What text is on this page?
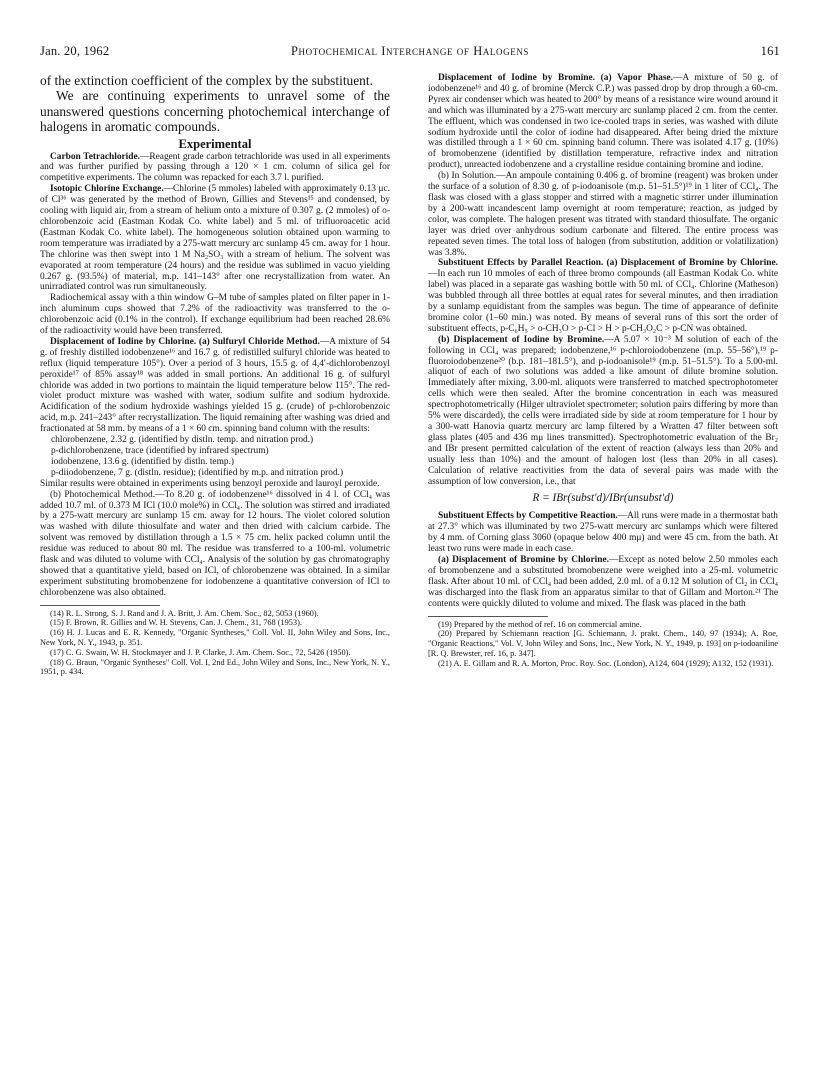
Jan. 20, 1962	Photochemical Interchange of Halogens	161

of the extinction coefficient of the complex by the substituent.

We are continuing experiments to unravel some of the unanswered questions concerning photochemical interchange of halogens in aromatic compounds.

Experimental

Carbon Tetrachloride.—Reagent grade carbon tetrachloride was used in all experiments and was further purified by passing through a 120 × 1 cm. column of silica gel for competitive experiments. The column was repacked for each 3.7 l. purified.

Isotopic Chlorine Exchange.—Chlorine (5 mmoles) labeled with approximately 0.13 μc. of Cl³⁶ was generated by the method of Brown, Gillies and Stevens¹⁵ and condensed, by cooling with liquid air, from a stream of helium onto a mixture of 0.307 g. (2 mmoles) of o-chlorobenzoic acid (Eastman Kodak Co. white label) and 5 ml. of trifluoroacetic acid (Eastman Kodak Co. white label). The homogeneous solution obtained upon warming to room temperature was irradiated by a 275-watt mercury arc sunlamp 45 cm. away for 1 hour. The chlorine was then swept into 1 M Na₂SO₃ with a stream of helium. The solvent was evaporated at room temperature (24 hours) and the residue was sublimed in vacuo yielding 0.267 g. (93.5%) of material, m.p. 141–143° after one recrystallization from water. An unirradiated control was run simultaneously.

Radiochemical assay with a thin window G–M tube of samples plated on filter paper in 1-inch aluminum cups showed that 7.2% of the radioactivity was transferred to the o-chlorobenzoic acid (0.1% in the control). If exchange equilibrium had been reached 28.6% of the radioactivity would have been transferred.

Displacement of Iodine by Chlorine. (a) Sulfuryl Chloride Method.—A mixture of 54 g. of freshly distilled iodobenzene¹⁶ and 16.7 g. of redistilled sulfuryl chloride was heated to reflux (liquid temperature 105°). Over a period of 3 hours, 15.5 g. of 4,4′-dichlorobenzoyl peroxide¹⁷ of 85% assay¹⁸ was added in small portions. An additional 16 g. of sulfuryl chloride was added in two portions to maintain the liquid temperature below 115°. The red-violet product mixture was washed with water, sodium sulfite and sodium hydroxide. Acidification of the sodium hydroxide washings yielded 15 g. (crude) of p-chlorobenzoic acid, m.p. 241–243° after recrystallization. The liquid remaining after washing was dried and fractionated at 58 mm. by means of a 1 × 60 cm. spinning band column with the results:

chlorobenzene, 2.32 g. (identified by distln. temp. and nitration prod.)

p-dichlorobenzene, trace (identified by infrared spectrum)

iodobenzene, 13.6 g. (identified by distln. temp.)

p-diiodobenzene, 7 g. (distln. residue); (identified by m.p. and nitration prod.)

Similar results were obtained in experiments using benzoyl peroxide and lauroyl peroxide.

(b) Photochemical Method.—To 8.20 g. of iodobenzene¹⁶ dissolved in 4 l. of CCl₄ was added 10.7 ml. of 0.373 M ICl (10.0 mole%) in CCl₄. The solution was stirred and irradiated by a 275-watt mercury arc sunlamp 15 cm. away for 12 hours. The violet colored solution was washed with dilute thiosulfate and water and then dried with calcium carbide. The solvent was removed by distillation through a 1.5 × 75 cm. helix packed column until the residue was reduced to about 80 ml. The residue was transferred to a 100-ml. volumetric flask and was diluted to volume with CCl₄. Analysis of the solution by gas chromatography showed that a quantitative yield, based on ICl, of chlorobenzene was obtained. In a similar experiment substituting bromobenzene for iodobenzene a quantitative conversion of ICl to chlorobenzene was also obtained.

(14) R. L. Strong, S. J. Rand and J. A. Britt, J. Am. Chem. Soc., 82, 5053 (1960).

(15) F. Brown, R. Gillies and W. H. Stevens, Can. J. Chem., 31, 768 (1953).

(16) H. J. Lucas and E. R. Kennedy, "Organic Syntheses," Coll. Vol. II, John Wiley and Sons, Inc., New York, N. Y., 1943, p. 351.

(17) C. G. Swain, W. H. Stockmayer and J. P. Clarke, J. Am. Chem. Soc., 72, 5426 (1950).

(18) G. Braun, "Organic Syntheses" Coll. Vol. I, 2nd Ed., John Wiley and Sons, Inc., New York, N. Y., 1951, p. 434.

Displacement of Iodine by Bromine. (a) Vapor Phase.—A mixture of 50 g. of iodobenzene¹⁶ and 40 g. of bromine (Merck C.P.) was passed drop by drop through a 60-cm. Pyrex air condenser which was heated to 200° by means of a resistance wire wound around it and which was illuminated by a 275-watt mercury arc sunlamp placed 2 cm. from the center. The effluent, which was condensed in two ice-cooled traps in series, was washed with dilute sodium hydroxide until the color of iodine had disappeared. After being dried the mixture was distilled through a 1 × 60 cm. spinning band column. There was isolated 4.17 g. (10%) of bromobenzene (identified by distillation temperature, refractive index and nitration product), unreacted iodobenzene and a crystalline residue containing bromine and iodine.

(b) In Solution.—An ampoule containing 0.406 g. of bromine (reagent) was broken under the surface of a solution of 8.30 g. of p-iodoanisole (m.p. 51–51.5°)¹⁹ in 1 liter of CCl₄. The flask was closed with a glass stopper and stirred with a magnetic stirrer under illumination by a 200-watt incandescent lamp overnight at room temperature; reaction, as judged by color, was complete. The halogen present was titrated with standard thiosulfate. The organic layer was dried over anhydrous sodium carbonate and filtered. The entire process was repeated seven times. The total loss of halogen (from substitution, addition or volatilization) was 3.8%.

Substituent Effects by Parallel Reaction. (a) Displacement of Bromine by Chlorine.—In each run 10 mmoles of each of three bromo compounds (all Eastman Kodak Co. white label) was placed in a separate gas washing bottle with 50 ml. of CCl₄. Chlorine (Matheson) was bubbled through all three bottles at equal rates for several minutes, and then irradiation by a sunlamp equidistant from the samples was begun. The time of appearance of definite bromine color (1–60 min.) was noted. By means of several runs of this sort the order of substituent effects, p-C₆H₅ > o-CH₃O > p-Cl > H > p-CH₃O₂C > p-CN was obtained.

(b) Displacement of Iodine by Bromine.—A 5.07 × 10⁻³ M solution of each of the following in CCl₄ was prepared; iodobenzene,¹⁶ p-chloroiodobenzene (m.p. 55–56°),¹⁹ p-fluoroiodobenzene²⁰ (b.p. 181–181.5°), and p-iodoanisole¹⁹ (m.p. 51–51.5°). To a 5.00-ml. aliquot of each of two solutions was added a like amount of dilute bromine solution. Immediately after mixing, 3.00-ml. aliquots were transferred to matched spectrophotometer cells which were then sealed. After the bromine concentration in each was measured spectrophotometrically (Hilger ultraviolet spectrometer; solution pairs differing by more than 5% were discarded), the cells were irradiated side by side at room temperature for 1 hour by a 300-watt Hanovia quartz mercury arc lamp filtered by a Wratten 47 filter between soft glass plates (405 and 436 mμ lines transmitted). Spectrophotometric evaluation of the Br₂ and IBr present permitted calculation of the extent of reaction (always less than 20% and usually less than 10%) and the amount of halogen lost (less than 20% in all cases). Calculation of relative reactivities from the data of several pairs was made with the assumption of low conversion, i.e., that

R = IBr(subst'd)/IBr(unsubst'd)

Substituent Effects by Competitive Reaction.—All runs were made in a thermostat bath at 27.3° which was illuminated by two 275-watt mercury arc sunlamps which were filtered by 4 mm. of Corning glass 3060 (opaque below 400 mμ) and were 45 cm. from the bath. At least two runs were made in each case.

(a) Displacement of Bromine by Chlorine.—Except as noted below 2.50 mmoles each of bromobenzene and a substituted bromobenzene were weighed into a 25-ml. volumetric flask. After about 10 ml. of CCl₄ had been added, 2.0 ml. of a 0.12 M solution of Cl₂ in CCl₄ was discharged into the flask from an apparatus similar to that of Gillam and Morton.²¹ The contents were quickly diluted to volume and mixed. The flask was placed in the bath

(19) Prepared by the method of ref. 16 on commercial amine.

(20) Prepared by Schiemann reaction [G. Schiemann, J. prakt. Chem., 140, 97 (1934); A. Roe, "Organic Reactions," Vol. V, John Wiley and Sons, Inc., New York, N. Y., 1949, p. 193] on p-iodoaniline [R. Q. Brewster, ref. 16, p. 347].

(21) A. E. Gillam and R. A. Morton, Proc. Roy. Soc. (London), A124, 604 (1929); A132, 152 (1931).
